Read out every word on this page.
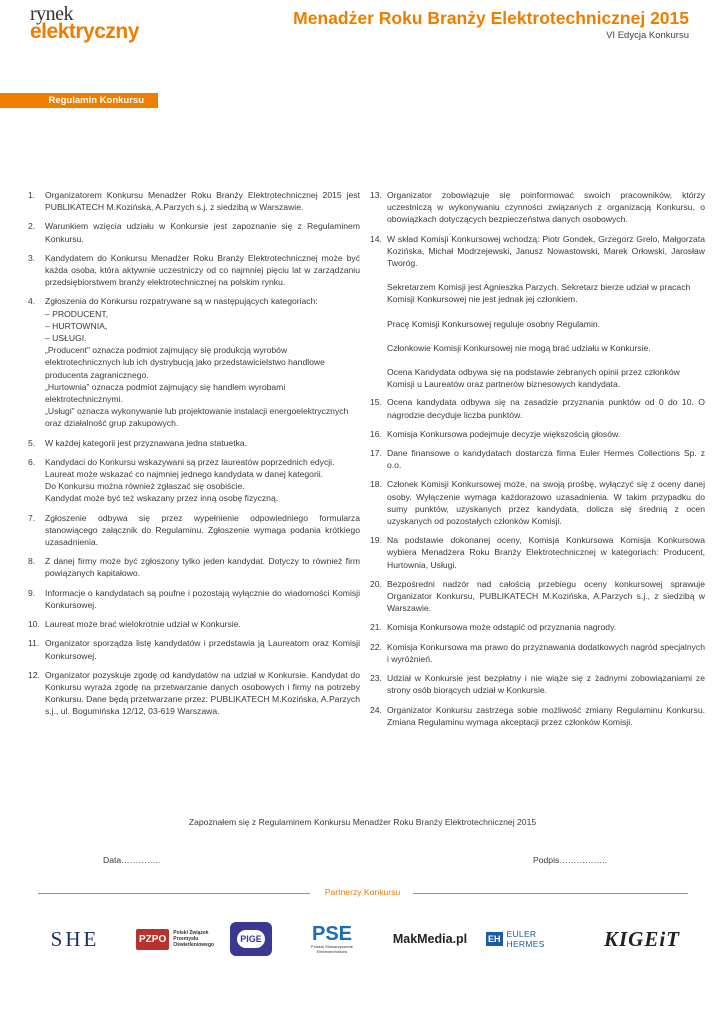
rynek
elektryczny
Menadżer Roku Branży Elektrotechnicznej 2015
VI Edycja Konkursu
Regulamin Konkursu
1.	Organizatorem Konkursu Menadżer Roku Branży Elektrotechnicznej 2015 jest PUBLIKATECH M.Kozińska, A.Parzych s.j. z siedzibą w Warszawie.
2.	Warunkiem wzięcia udziału w Konkursie jest zapoznanie się z Regulaminem Konkursu.
3.	Kandydatem do Konkursu Menadżer Roku Branży Elektrotechnicznej może być każda osoba, która aktywnie uczestniczy od co najmniej pięciu lat w zarządzaniu przedsiębiorstwem branży elektrotechnicznej na polskim rynku.
4.	Zgłoszenia do Konkursu rozpatrywane są w następujących kategoriach:
– PRODUCENT,
– HURTOWNIA,
– USŁUGI.
„Producent” oznacza podmiot zajmujący się produkcją wyrobów elektrotechnicznych lub ich dystrybucją jako przedstawicielstwo handlowe producenta zagranicznego.
„Hurtownia” oznacza podmiot zajmujący się handlem wyrobami elektrotechnicznymi.
„Usługi” oznacza wykonywanie lub projektowanie instalacji energoelektrycznych oraz działalność grup zakupowych.
5.	W każdej kategorii jest przyznawana jedna statuetka.
6.	Kandydaci do Konkursu wskazywani są przez laureatów poprzednich edycji. Laureat może wskazać co najmniej jednego kandydata w danej kategorii.
Do Konkursu można również zgłaszać się osobiście.
Kandydat może być też wskazany przez inną osobę fizyczną.
7.	Zgłoszenie odbywa się przez wypełnienie odpowiedniego formularza stanowiącego załącznik do Regulaminu. Zgłoszenie wymaga podania krótkiego uzasadnienia.
8.	Z danej firmy może być zgłoszony tylko jeden kandydat. Dotyczy to również firm powiązanych kapitałowo.
9.	Informacje o kandydatach są poufne i pozostają wyłącznie do wiadomości Komisji Konkursowej.
10. Laureat może brać wielokrotnie udział w Konkursie.
11. Organizator sporządza listę kandydatów i przedstawia ją Laureatom oraz Komisji Konkursowej.
12. Organizator pozyskuje zgodę od kandydatów na udział w Konkursie. Kandydat do Konkursu wyraża zgodę na przetwarzanie danych osobowych i firmy na potrzeby Konkursu. Dane będą przetwarzane przez: PUBLIKATECH M.Kozińska, A.Parzych s.j., ul. Bogumińska 12/12, 03-619 Warszawa.
13. Organizator zobowiązuje się poinformować swoich pracowników, którzy uczestniczą w wykonywaniu czynności związanych z organizacją Konkursu, o obowiązkach dotyczących bezpieczeństwa danych osobowych.
14. W skład Komisji Konkursowej wchodzą: Piotr Gondek, Grzegorz Grelo, Małgorzata Kozińska, Michał Modrzejewski, Janusz Nowastowski, Marek Orłowski, Jarosław Tworóg.
Sekretarzem Komisji jest Agnieszka Parzych. Sekretarz bierze udział w pracach Komisji Konkursowej nie jest jednak jej członkiem.
Pracę Komisji Konkursowej reguluje osobny Regulamin.
Członkowie Komisji Konkursowej nie mogą brać udziału w Konkursie.
Ocena Kandydata odbywa się na podstawie zebranych opinii przez członków Komisji u Laureatów oraz partnerów biznesowych kandydata.
15. Ocena kandydata odbywa się na zasadzie przyznania punktów od 0 do 10. O nagrodzie decyduje liczba punktów.
16. Komisja Konkursowa podejmuje decyzje większością głosów.
17. Dane finansowe o kandydatach dostarcza firma Euler Hermes Collections Sp. z o.o.
18. Członek Komisji Konkursowej może, na swoją prośbę, wyłączyć się z oceny danej osoby. Wyłączenie wymaga każdorazowo uzasadnienia. W takim przypadku do sumy punktów, uzyskanych przez kandydata, dolicza się średnią z ocen uzyskanych od pozostałych członków Komisji.
19. Na podstawie dokonanej oceny, Komisja Konkursowa Komisja Konkursowa wybiera Menadżera Roku Branży Elektrotechnicznej w kategoriach: Producent, Hurtownia, Usługi.
20. Bezpośredni nadzór nad całością przebiegu oceny konkursowej sprawuje Organizator Konkursu, PUBLIKATECH M.Kozińska, A.Parzych s.j., z siedzibą w Warszawie.
21. Komisja Konkursowa może odstąpić od przyznania nagrody.
22. Komisja Konkursowa ma prawo do przyznawania dodatkowych nagród specjalnych i wyróżnień.
23. Udział w Konkursie jest bezpłatny i nie wiąże się z żadnymi zobowiązaniami ze strony osób biorących udział w Konkursie.
24. Organizator Konkursu zastrzega sobie możliwość zmiany Regulaminu Konkursu. Zmiana Regulaminu wymaga akceptacji przez członków Komisji.
Zapoznałem się z Regulaminem Konkursu Menadżer Roku Branży Elektrotechnicznej 2015
Data…………..	Podpis……………..
Partnerzy Konkursu
SHE	PZPO
Polski Związek Przemysłu Oświetleniowego
PIGE	PSE
Polskie Stowarzyszenie Elektrotechników
MakMedia.pl EH EULER HERMES	KIGEiT
